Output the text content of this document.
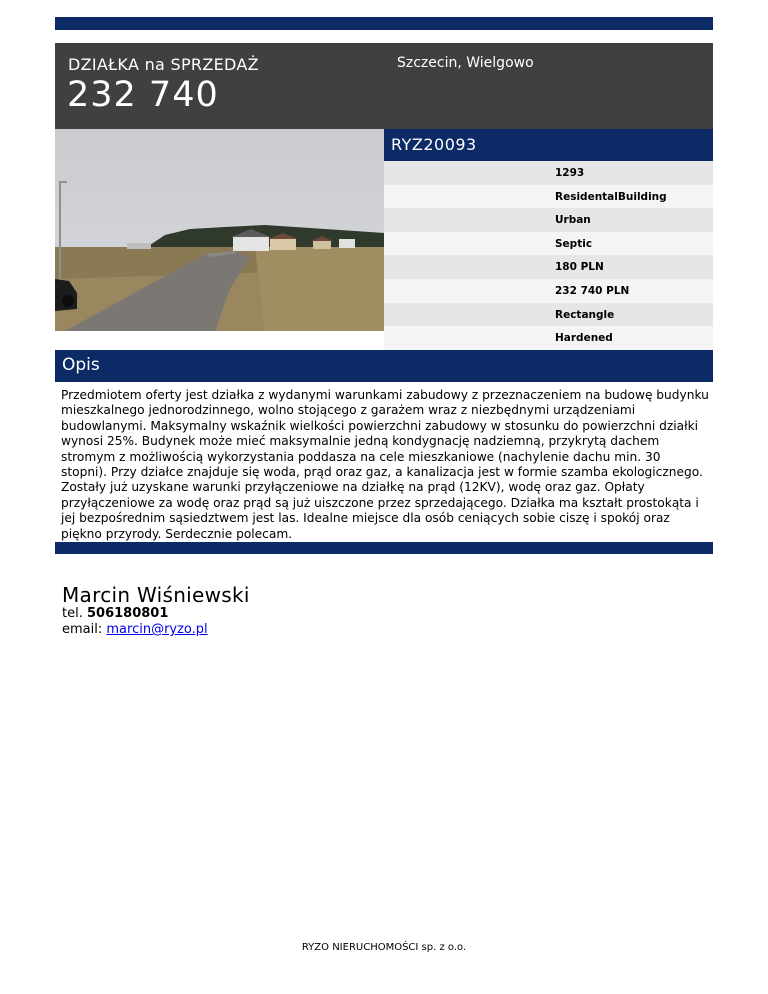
DZIAŁKA na SPRZEDAŻ
232 740
Szczecin, Wielgowo
RYZ20093
1293
ResidentalBuilding
Urban
Septic
180 PLN
232 740 PLN
Rectangle
Hardened
Opis
Przedmiotem oferty jest działka z wydanymi warunkami zabudowy z przeznaczeniem na budowę budynku mieszkalnego jednorodzinnego, wolno stojącego z garażem wraz z niezbędnymi urządzeniami budowlanymi. Maksymalny wskaźnik wielkości powierzchni zabudowy w stosunku do powierzchni działki wynosi 25%. Budynek może mieć maksymalnie jedną kondygnację nadziemną, przykrytą dachem stromym z możliwością wykorzystania poddasza na cele mieszkaniowe (nachylenie dachu min. 30 stopni). Przy działce znajduje się woda, prąd oraz gaz, a kanalizacja jest w formie szamba ekologicznego. Zostały już uzyskane warunki przyłączeniowe na działkę na prąd (12KV), wodę oraz gaz. Opłaty przyłączeniowe za wodę oraz prąd są już uiszczone przez sprzedającego. Działka ma kształt prostokąta i jej bezpośrednim sąsiedztwem jest las. Idealne miejsce dla osób ceniących sobie ciszę i spokój oraz piękno przyrody. Serdecznie polecam.
Marcin Wiśniewski
tel. 506180801
email: marcin@ryzo.pl
RYZO NIERUCHOMOŚCI sp. z o.o.
